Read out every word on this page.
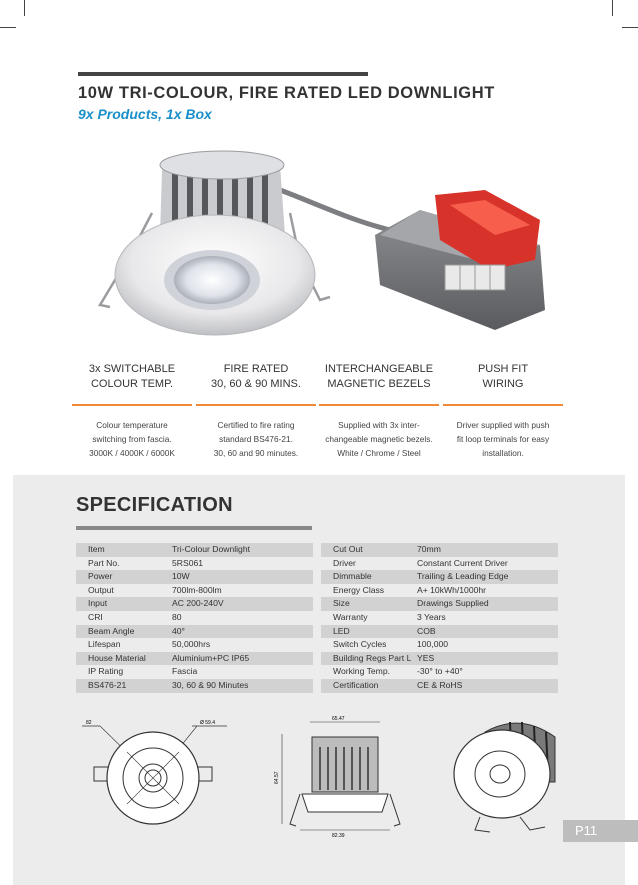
10W TRI-COLOUR, FIRE RATED LED DOWNLIGHT
9x Products, 1x Box
3x SWITCHABLE
COLOUR TEMP.
Colour temperature
switching from fascia.
3000K / 4000K / 6000K
FIRE RATED
30, 60 & 90 MINS.
Certified to fire rating
standard BS476-21.
30, 60 and 90 minutes.
INTERCHANGEABLE
MAGNETIC BEZELS
Supplied with 3x inter-
changeable magnetic bezels.
White / Chrome / Steel
PUSH FIT
WIRING
Driver supplied with push
fit loop terminals for easy
installation.
SPECIFICATION
Item	Tri-Colour Downlight
Part No.	5RS061
Power	10W
Output	700lm-800lm
Input	AC 200-240V
CRI	80
Beam Angle	40°
Lifespan	50,000hrs
House Material	Aluminium+PC IP65
IP Rating	Fascia
BS476-21	30, 60 & 90 Minutes
Cut Out	70mm
Driver	Constant Current Driver
Dimmable	Trailing & Leading Edge
Energy Class	A+ 10kWh/1000hr
Size	Drawings Supplied
Warranty	3 Years
LED	COB
Switch Cycles	100,000
Building Regs Part L YES
Working Temp.	-30° to +40°
Certification	CE & RoHS
82	Ø 59.4
65.47
64.57
82.39	P11
